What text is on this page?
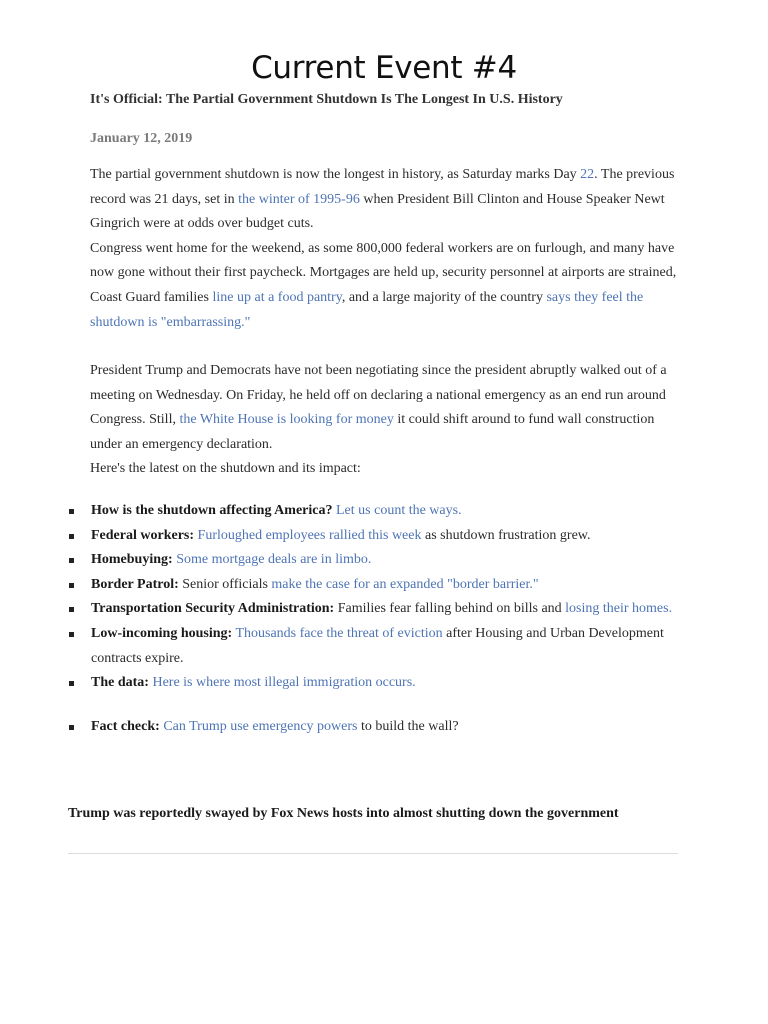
Current Event #4
It's Official: The Partial Government Shutdown Is The Longest In U.S. History
January 12, 2019
The partial government shutdown is now the longest in history, as Saturday marks Day 22. The previous record was 21 days, set in the winter of 1995-96 when President Bill Clinton and House Speaker Newt Gingrich were at odds over budget cuts.
Congress went home for the weekend, as some 800,000 federal workers are on furlough, and many have now gone without their first paycheck. Mortgages are held up, security personnel at airports are strained, Coast Guard families line up at a food pantry, and a large majority of the country says they feel the shutdown is "embarrassing."
President Trump and Democrats have not been negotiating since the president abruptly walked out of a meeting on Wednesday. On Friday, he held off on declaring a national emergency as an end run around Congress. Still, the White House is looking for money it could shift around to fund wall construction under an emergency declaration.
Here's the latest on the shutdown and its impact:
How is the shutdown affecting America? Let us count the ways.
Federal workers: Furloughed employees rallied this week as shutdown frustration grew.
Homebuying: Some mortgage deals are in limbo.
Border Patrol: Senior officials make the case for an expanded "border barrier."
Transportation Security Administration: Families fear falling behind on bills and losing their homes.
Low-incoming housing: Thousands face the threat of eviction after Housing and Urban Development contracts expire.
The data: Here is where most illegal immigration occurs.
Fact check: Can Trump use emergency powers to build the wall?
Trump was reportedly swayed by Fox News hosts into almost shutting down the government
